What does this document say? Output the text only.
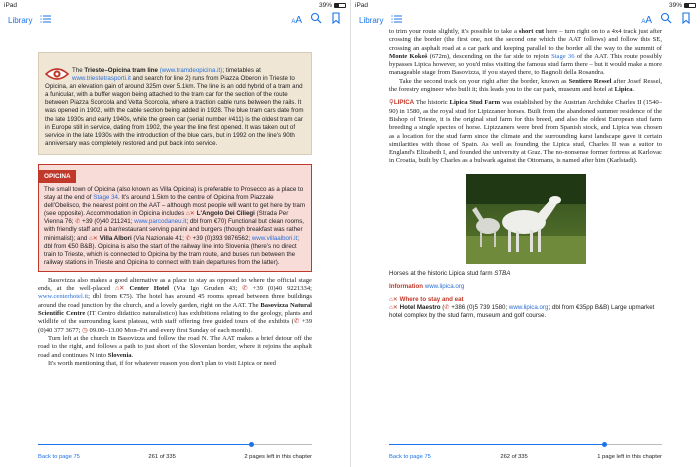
iPad	39%
Library	AA
The Trieste–Opicina tram line (www.tramdeopicina.it); timetables at www.triestetrasporti.it and search for line 2) runs from Piazza Oberon in Trieste to Opicina, an elevation gain of around 325m over 5.1km. The line is an odd hybrid of a tram and a funicular, with a buffer wagon being attached to the tram car for the section of the route between Piazza Scorcola and Vetta Scorcola, where a traction cable runs between the rails. It was opened in 1902, with the cable section being added in 1928. The blue tram cars date from the late 1930s and early 1940s, while the green car (serial number #411) is the oldest tram car in Europe still in service, dating from 1902, the year the line first opened. It was taken out of service in the late 1930s with the introduction of the blue cars, but in 1992 on the line's 90th anniversary was completely restored and put back into service.
OPICINA
The small town of Opicina (also known as Villa Opicina) is preferable to Prosecco as a place to stay at the end of Stage 34. It's around 1.5km to the centre of Opicina from Piazzale dell'Obelisco, the nearest point on the AAT – although most people will want to get here by tram (see opposite). Accommodation in Opicina includes ⌂✕ L'Angolo Dei Ciliegi (Strada Per Vienna 76; ✆ +39 (0)40 211241; www.parcodaneu.it; dbl from €70) Functional but clean rooms, with friendly staff and a bar/restaurant serving panini and burgers (though breakfast was rather minimalist); and ⌂✕ Villa Albori (Via Nazionale 41; ✆ +39 (0)393 9876562; www.villaalbori.it; dbl from €50 B&B). Opicina is also the start of the railway line into Slovenia (there's no direct train to Trieste, which is connected to Opicina by the tram route, and buses run between the railway stations in Trieste and Opicina to connect with train departures from the latter).
Basovizza also makes a good alternative as a place to stay as opposed to where the official stage ends, at the well-placed ⌂✕ Center Hotel (Via Igo Gruden 43; ✆ +39 (0)40 9221334; www.centerhotel.it; dbl from €75). The hotel has around 45 rooms spread between three buildings around the road junction by the church, and a lovely garden, right on the AAT. The Basovizza Natural Scientific Centre (IT Centro didattico naturalistico) has exhibitions relating to the geology, plants and wildlife of the surrounding karst plateau, with staff offering free guided tours of the exhibits (✆ +39 (0)40 377 3677; ◷ 09.00–13.00 Mon–Fri and every first Sunday of each month).
Turn left at the church in Basovizza and follow the road N. The AAT makes a brief detour off the road to the right, and follows a path to just short of the Slovenian border, where it rejoins the asphalt road and continues N into Slovenia.
It's worth mentioning that, if for whatever reason you don't plan to visit Lipica or need
Back to page 75	261 of 335	2 pages left in this chapter
iPad	39%
Library	AA
to trim your route slightly, it's possible to take a short cut here – turn right on to a 4x4 track just after crossing the border (the first one, not the second one which the AAT follows) and follow this SE, crossing an asphalt road at a car park and keeping parallel to the border all the way to the summit of Monte Kokoš (672m), descending on the far side to rejoin Stage 36 of the AAT. This route possibly bypasses Lipica however, so you'd miss visiting the famous stud farm there – but it would make a more manageable stage from Basovizza, if you stayed there, to Bagnoli della Rosandra.
Take the second track on your right after the border, known as Sentiero Ressel after Josef Ressel, the forestry engineer who built it; this leads you to the car park, museum and hotel at Lipica.
⚲LIPICA The historic Lipica Stud Farm was established by the Austrian Archduke Charles II (1540–90) in 1580, as the royal stud for Lipizzaner horses. Built from the abandoned summer residence of the Bishop of Trieste, it is the original stud farm for this breed, and also the oldest European stud farm breeding a single species of horse. Lipizzaners were bred from Spanish stock, and Lipica was chosen as a location for the stud farm since the climate and the surrounding karst landscape gave it certain similarities with those of Spain. As well as founding the Lipica stud, Charles II was a suitor to England's Elizabeth I, and founded the university at Graz. The no-nonsense former fortress at Karlovac in Croatia, built by Charles as a bulwark against the Ottomans, is named after him (Karlstadt).
Horses at the historic Lipica stud farm STBA
Information www.lipica.org
⌂✕ Where to stay and eat
⌂✕ Hotel Maestro (✆ +386 (0)5 739 1580; www.lipica.org; dbl from €35pp B&B) Large upmarket hotel complex by the stud farm, museum and golf course.
Back to page 75	262 of 335	1 page left in this chapter
